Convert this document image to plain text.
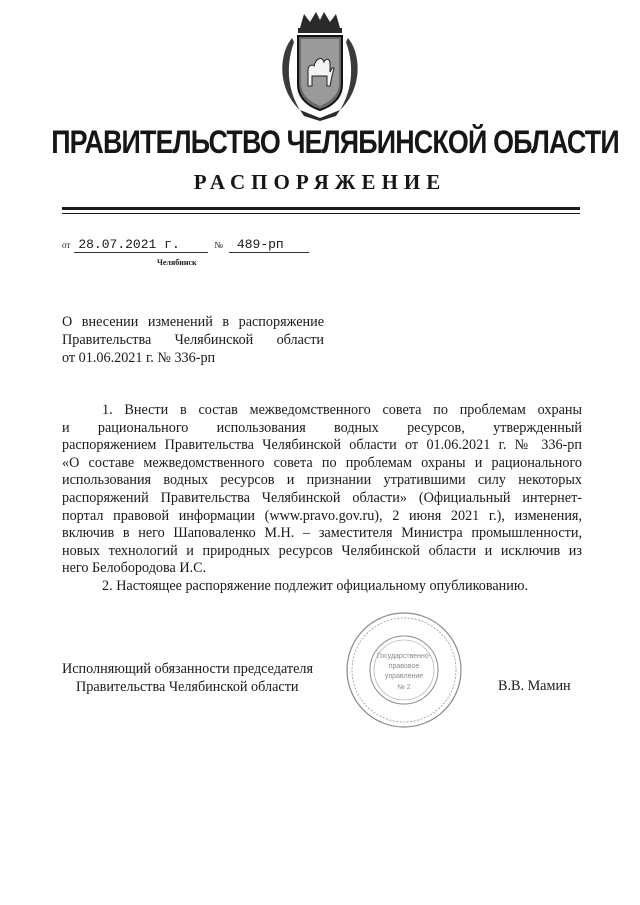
ПРАВИТЕЛЬСТВО ЧЕЛЯБИНСКОЙ ОБЛАСТИ
РАСПОРЯЖЕНИЕ
от 28.07.2021 г.	№ 489-рп
Челябинск
О внесении изменений в распоряжение
Правительства Челябинской области
от 01.06.2021 г. № 336-рп
1. Внести в состав межведомственного совета по проблемам охраны
и рационального использования водных ресурсов, утвержденный
распоряжением Правительства Челябинской области от 01.06.2021 г. № 336-рп
«О составе межведомственного совета по проблемам охраны и рационального
использования водных ресурсов и признании утратившими силу некоторых
распоряжений Правительства Челябинской области» (Официальный интернет-
портал правовой информации (www.pravo.gov.ru), 2 июня 2021 г.), изменения,
включив в него Шаповаленко М.Н. – заместителя Министра промышленности,
новых технологий и природных ресурсов Челябинской области и исключив из
него Белобородова И.С.
2. Настоящее распоряжение подлежит официальному опубликованию.
Государственно-
правовое
управление
№ 2
Исполняющий обязанности председателя
Правительства Челябинской области	В.В. Мамин
